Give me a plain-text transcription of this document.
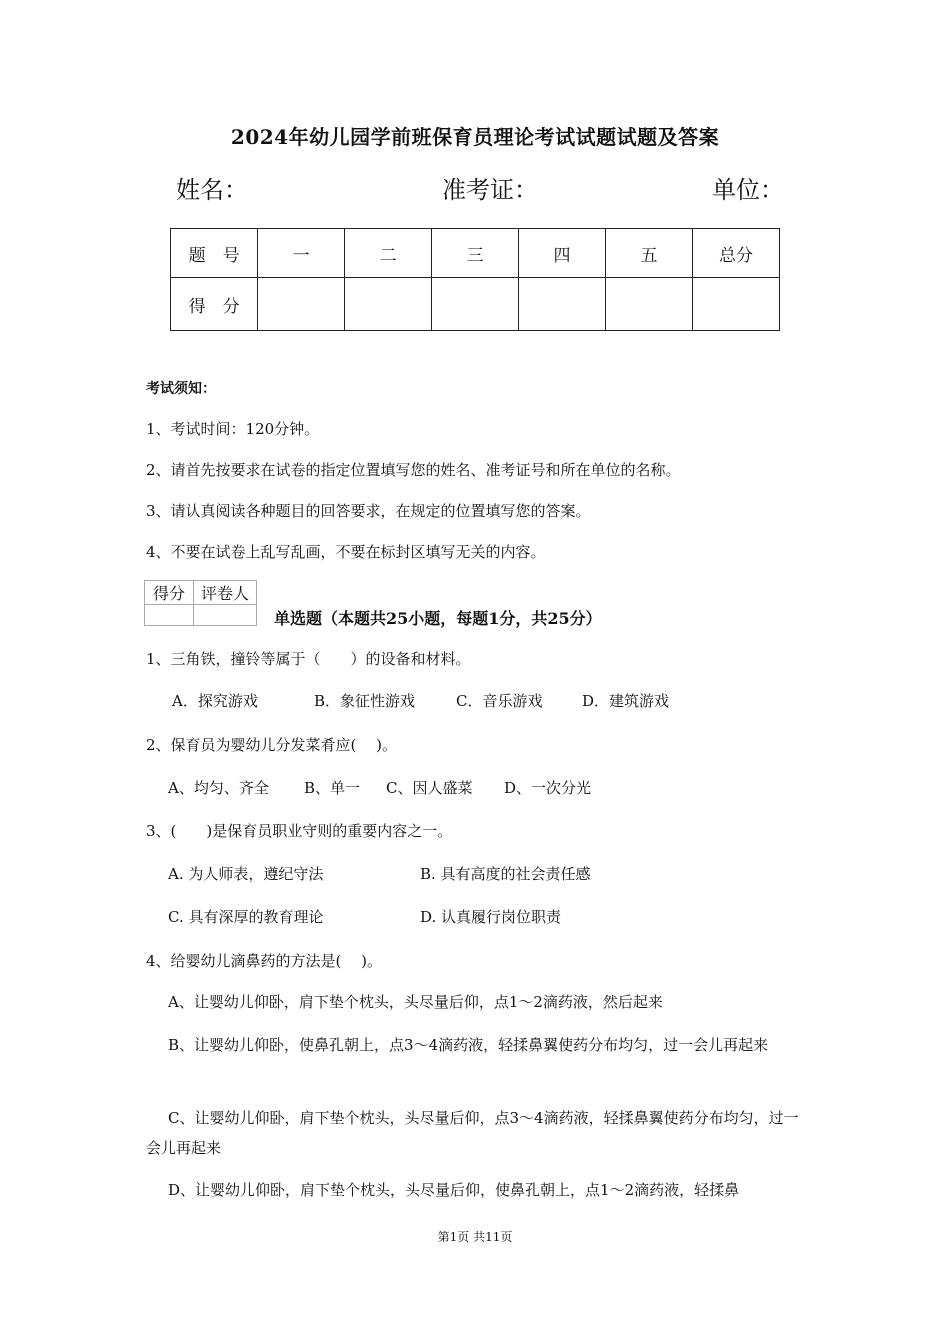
2024年幼儿园学前班保育员理论考试试题试题及答案
姓名：	准考证：	单位：
题　号	一	二	三	四	五	总分
得　分						
考试须知：
1、考试时间：120分钟。
2、请首先按要求在试卷的指定位置填写您的姓名、准考证号和所在单位的名称。
3、请认真阅读各种题目的回答要求，在规定的位置填写您的答案。
4、不要在试卷上乱写乱画，不要在标封区填写无关的内容。
得分	评卷人

单选题（本题共25小题，每题1分，共25分）
1、三角铁，撞铃等属于（　　）的设备和材料。
A．探究游戏	B．象征性游戏	C．音乐游戏	D．建筑游戏
2、保育员为婴幼儿分发菜肴应(　 )。
A、均匀、齐全 B、单一 C、因人盛菜 D、一次分光
3、(　　)是保育员职业守则的重要内容之一。
A. 为人师表，遵纪守法	B. 具有高度的社会责任感
C. 具有深厚的教育理论	D. 认真履行岗位职责
4、给婴幼儿滴鼻药的方法是(　 )。
A、让婴幼儿仰卧，肩下垫个枕头，头尽量后仰，点1～2滴药液，然后起来
B、让婴幼儿仰卧，使鼻孔朝上，点3～4滴药液，轻揉鼻翼使药分布均匀，过一会儿再起来
C、让婴幼儿仰卧，肩下垫个枕头，头尽量后仰，点3～4滴药液，轻揉鼻翼使药分布均匀，过一会儿再起来
D、让婴幼儿仰卧，肩下垫个枕头，头尽量后仰，使鼻孔朝上，点1～2滴药液，轻揉鼻
第1页 共11页
